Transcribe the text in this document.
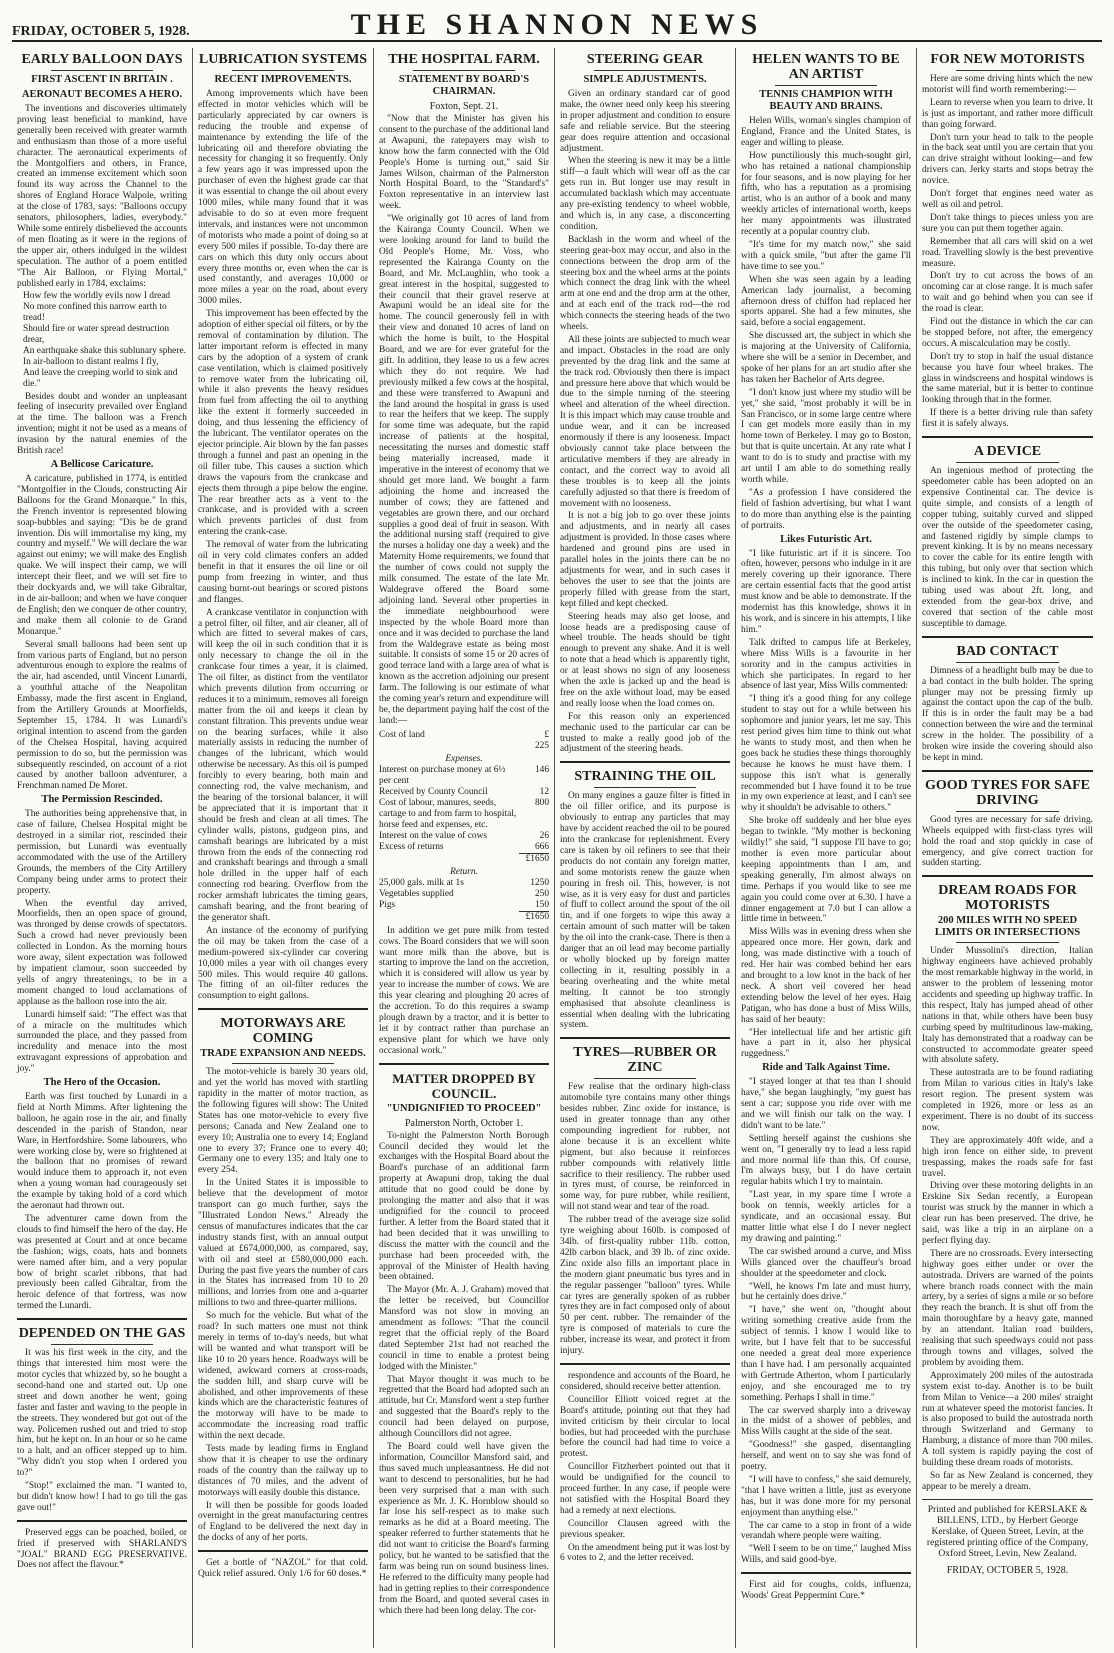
FRIDAY, OCTOBER 5, 1928.	THE SHANNON NEWS
EARLY BALLOON DAYS
FIRST ASCENT IN BRITAIN .
AERONAUT BECOMES A HERO.

The inventions and discoveries ultimately proving least beneficial to mankind, have generally been received with greater warmth and enthusiasm than those of a more useful character. The aeronautical experiments of the Montgolfiers and others, in France, created an immense excitement which soon found its way across the Channel to the shores of England Horace Walpole, writing at the close of 1783, says: "Balloons occupy senators, philosophers, ladies, everybody." While some entirely disbelieved the accounts of men floating as it were in the regions of the upper air, others indulged in the wildest speculation. The author of a poem entitled "The Air Balloon, or Flying Mortal," published early in 1784, exclaims:

How few the worldly evils now I dread
No more confined this narrow earth to tread!
Should fire or water spread destruction drear,
An earthquake shake this sublunary sphere.
In air-balloon to distant realms I fly,
And leave the creeping world to sink and die."

Besides doubt and wonder an unpleasant feeling of insecurity prevailed over England at the time. The balloon was a French invention; might it not be used as a means of invasion by the natural enemies of the British race!

A Bellicose Caricature.

A caricature, published in 1774, is entitled "Montgolfier in the Clouds, constructing Air Balloons for the Grand Monarque." In this, the French inventor is represented blowing soap-bubbles and saying: "Dis be de grand invention. Dis will immortalise my king, my country and myself." We will declare the war against out enimy; we will make des English quake. We will inspect their camp, we will intercept their fleet, and we will set fire to their dockyards and, we will take Gibraltar, in de air-balloon; and when we have conquer de English; den we conquer de other country, and make them all colonie to de Grand Monarque."

Several small balloons had been sent up from various parts of England, but no person adventurous enough to explore the realms of the air, had ascended, until Vincent Lunardi, a youthful attache of the Neapolitan Embassy, made the first ascent in England, from the Artillery Grounds at Moorfields, September 15, 1784. It was Lunardi's original intention to ascend from the garden of the Chelsea Hospital, having acquired permission to do so, but the permission was subsequently rescinded, on account of a riot caused by another balloon adventurer, a Frenchman named De Moret.

The Permission Rescinded.

The authorities being apprehensive that, in case of failure, Chelsea Hospital might be destroyed in a similar riot, rescinded their permission, but Lunardi was eventually accommodated with the use of the Artillery Grounds, the members of the City Artillery Company being under arms to protect their property.

When the eventful day arrived, Moorfields, then an open space of ground, was thronged by dense crowds of spectators. Such a crowd had never previously been collected in London. As the morning hours wore away, silent expectation was followed by impatient clamour, soon succeeded by yells of angry threatenings, to be in a moment changed to loud acclamations of applause as the balloon rose into the air.

Lunardi himself said: "The effect was that of a miracle on the multitudes which surrounded the place, and they passed from incredulity and menace into the most extravagant expressions of approbation and joy."

The Hero of the Occasion.

Earth was first touched by Lunardi in a field at North Mimms. After lightening the balloon, he again rose in the air, and finally descended in the parish of Standon, near Ware, in Hertfordshire. Some labourers, who were working close by, were so frightened at the balloon that no promises of reward would induce them to approach it, not even when a young woman had courageously set the example by taking hold of a cord which the aeronaut had thrown out.

The adventurer came down from the clouds to find himself the hero of the day. He was presented at Court and at once became the fashion; wigs, coats, hats and bonnets were named after him, and a very popular bow of bright scarlet ribbons, that had previously been called Gibraltar, from the heroic defence of that fortress, was now termed the Lunardi.

DEPENDED ON THE GAS

It was his first week in the city, and the things that interested him most were the motor cycles that whizzed by, so he bought a second-hand one and started out. Up one street and down another he went, going faster and faster and waving to the people in the streets. They wondered but got out of the way. Policemen rushed out and tried to stop him, but he kept on. In an hour or so he came to a halt, and an officer stepped up to him. "Why didn't you stop when I ordered you to?"

"Stop!" exclaimed the man. "I wanted to, but didn't know how! I had to go till the gas gave out!"

Preserved eggs can be poached, boiled, or fried if preserved with SHARLAND'S "JOAL" BRAND EGG PRESERVATIVE. Does not affect the flavour.*

LUBRICATION SYSTEMS
RECENT IMPROVEMENTS.

Among improvements which have been effected in motor vehicles which will be particularly appreciated by car owners is reducing the trouble and expense of maintenance by extending the life of the lubricating oil and therefore obviating the necessity for changing it so frequently. Only a few years ago it was impressed upon the purchaser of even the highest grade car that it was essential to change the oil about every 1000 miles, while many found that it was advisable to do so at even more frequent intervals, and instances were not uncommon of motorists who made a point of doing so at every 500 miles if possible. To-day there are cars on which this duty only occurs about every three months or, even when the car is used constantly, and averages 10,000 or more miles a year on the road, about every 3000 miles.

This improvement has been effected by the adoption of either special oil filters, or by the removal of contamination by dilution. The latter important reform is effected in many cars by the adoption of a system of crank case ventilation, which is claimed positively to remove water from the lubricating oil, while it also prevents the heavy residues from fuel from affecting the oil to anything like the extent it formerly succeeded in doing, and thus lessening the efficiency of the lubricant. The ventilator operates on the ejector principle. Air blown by the fan passes through a funnel and past an opening in the oil filler tube. This causes a suction which draws the vapours from the crankcase and ejects them through a pipe below the engine. The rear breather acts as a vent to the crankcase, and is provided with a screen which prevents particles of dust from entering the crank-case.

The removal of water from the lubricating oil in very cold climates confers an added benefit in that it ensures the oil line or oil pump from freezing in winter, and thus causing burnt-out bearings or scored pistons and flanges.

A crankcase ventilator in conjunction with a petrol filter, oil filter, and air cleaner, all of which are fitted to several makes of cars, will keep the oil in such condition that it is only necessary to change the oil in the crankcase four times a year, it is claimed. The oil filter, as distinct from the ventilator which prevents dilution from occurring or reduces it to a minimum, removes all foreign matter from the oil and keeps it clean by constant filtration. This prevents undue wear on the bearing surfaces, while it also materially assists in reducing the number of changes of the lubricant, which would otherwise be necessary. As this oil is pumped forcibly to every bearing, both main and connecting rod, the valve mechanism, and the bearing of the torsional balancer, it will be appreciated that it is important that it should be fresh and clean at all times. The cylinder walls, pistons, gudgeon pins, and camshaft bearings are lubricated by a mist thrown from the ends of the connecting rod and crankshaft bearings and through a small hole drilled in the upper half of each connecting rod bearing. Overflow from the rocker armshaft lubricates the timing gears, camshaft bearing, and the front bearing of the generator shaft.

An instance of the economy of purifying the oil may be taken from the case of a medium-powered six-cylinder car covering 10,000 miles a year with oil changes every 500 miles. This would require 40 gallons. The fitting of an oil-filter reduces the consumption to eight gallons.

MOTORWAYS ARE COMING
TRADE EXPANSION AND NEEDS.

The motor-vehicle is barely 30 years old, and yet the world has moved with startling rapidity in the matter of motor traction, as the following figures will show: The United States has one motor-vehicle to every five persons; Canada and New Zealand one to every 10; Australia one to every 14; England one to every 37; France one to every 40; Germany one to every 135; and Italy one to every 254.

In the United States it is impossible to believe that the development of motor transport can go much further, says the "Illustrated London News." Already the census of manufactures indicates that the car industry stands first, with an annual output valued at £674,000,000, as compared, say, with oil and steel at £580,000,000 each. During the past five years the number of cars in the States has increased from 10 to 20 millions, and lorries from one and a-quarter millions to two and three-quarter millions.

So much for the vehicle. But what of the road? In such matters one must not think merely in terms of to-day's needs, but what will be wanted and what transport will be like 10 to 20 years hence. Roadways will be widened, awkward corners at cross-roads, the sudden hill, and sharp curve will be abolished, and other improvements of these kinds which are the characteristic features of the motorway will have to be made to accommodate the increasing road traffic within the next decade.

Tests made by leading firms in England show that it is cheaper to use the ordinary roads of the country than the railway up to distances of 70 miles, and the advent of motorways will easily double this distance.

It will then be possible for goods loaded overnight in the great manufacturing centres of England to be delivered the next day in the docks of any of her ports.

Get a bottle of "NAZOL" for that cold. Quick relief assured. Only 1/6 for 60 doses.*

THE HOSPITAL FARM.
STATEMENT BY BOARD'S CHAIRMAN.
Foxton, Sept. 21.

"Now that the Minister has given his consent to the purchase of the additional land at Awapuni, the ratepayers may wish to know how the farm connected with the Old People's Home is turning out," said Sir James Wilson, chairman of the Palmerston North Hospital Board, to the "Standard's" Foxton representative in an interview last week.

"We originally got 10 acres of land from the Kairanga County Council. When we were looking around for land to build the Old People's Home, Mr. Voss, who represented the Kairanga County on the Board, and Mr. McLaughlin, who took a great interest in the hospital, suggested to their council that their gravel reserve at Awapuni would be an ideal site for the home. The council generously fell in with their view and donated 10 acres of land on which the home is built, to the Hospital Board, and we are for ever grateful for the gift. In addition, they lease to us a few acres which they do not require. We had previously milked a few cows at the hospital, and these were transferred to Awapuni and the land around the hospital in grass is used to rear the heifers that we keep. The supply for some time was adequate, but the rapid increase of patients at the hospital, necessitating the nurses and domestic staff being materially increased, made it imperative in the interest of economy that we should get more land. We bought a farm adjoining the home and increased the number of cows; they are fattened and vegetables are grown there, and our orchard supplies a good deal of fruit in season. With the additional nursing staff (required to give the nurses a holiday one day a week) and the Maternity Home requirements, we found that the number of cows could not supply the milk consumed. The estate of the late Mr. Waldegrave offered the Board some adjoining land. Several other properties in the immediate neighbourhood were inspected by the whole Board more than once and it was decided to purchase the land from the Waldegrave estate as being most suitable. It consists of some 15 or 20 acres of good terrace land with a large area of what is known as the accretion adjoining our present farm. The following is our estimate of what the coming year's return and expenditure will be, the department paying half the cost of the land:—

Cost of land	£
225
Expenses.	
Interest on purchase money at 6½ per cent	146
Received by County Council	12
Cost of labour, manures, seeds, cartage to and from farm to hospital, horse feed and expenses, etc.	800
Interest on the value of cows	26
Excess of returns	666
	£1650
Return.	
25,000 gals. milk at 1s	1250
Vegetables supplied	250
Pigs	150
	£1650

In addition we get pure milk from tested cows. The Board considers that we will soon want more milk than the above, but is starting to improve the land on the accretion, which it is considered will allow us year by year to increase the number of cows. We are this year clearing and ploughing 20 acres of the accretion. To do this requires a swamp plough drawn by a tractor, and it is better to let it by contract rather than purchase an expensive plant for which we have only occasional work."

MATTER DROPPED BY COUNCIL.
"UNDIGNIFIED TO PROCEED"
Palmerston North, October 1.

To-night the Palmerston North Borough Council decided they would let the exchanges with the Hospital Board about the Board's purchase of an additional farm property at Awapuni drop, taking the dual attitude that no good could be done by prolonging the matter and also that it was undignified for the council to proceed further. A letter from the Board stated that it had been decided that it was unwilling to discuss the matter with the council and the purchase had been proceeded with, the approval of the Minister of Health having been obtained.

The Mayor (Mr. A. J. Graham) moved that the letter be received, but Councillor Mansford was not slow in moving an amendment as follows: "That the council regret that the official reply of the Board dated September 21st had not reached the council in time to enable a protest being lodged with the Minister."

That Mayor thought it was much to be regretted that the Board had adopted such an attitude, but Cr. Mansford went a step further and suggested that the Board's reply to the council had been delayed on purpose, although Councillors did not agree.

The Board could well have given the information, Councillor Mansford said, and thus saved much unpleasantness. He did not want to descend to personalities, but he had been very surprised that a man with such experience as Mr. J. K. Hornblow should so far lose his self-respect as to make such remarks as he did at a Board meeting. The speaker referred to further statements that he did not want to criticise the Board's farming policy, but he wanted to be satisfied that the farm was being run on sound business lines. He referred to the difficulty many people had had in getting replies to their correspondence from the Board, and quoted several cases in which there had been long delay. The cor-

STEERING GEAR
SIMPLE ADJUSTMENTS.

Given an ordinary standard car of good make, the owner need only keep his steering in proper adjustment and condition to ensure safe and reliable service. But the steering gear does require attention and occasional adjustment.

When the steering is new it may be a little stiff—a fault which will wear off as the car gets run in. But longer use may result in accumulated backlash which may accentuate any pre-existing tendency to wheel wobble, and which is, in any case, a disconcerting condition.

Backlash in the worm and wheel of the steering gear-box may occur, and also in the connections between the drop arm of the steering box and the wheel arms at the points which connect the drag link with the wheel arm at one end and the drop arm at the other, and at each end of the track rod—the rod which connects the steering heads of the two wheels.

All these joints are subjected to much wear and impact. Obstacles in the road are only prevented by the drag link and the same at the track rod. Obviously then there is impact and pressure here above that which would be due to the simple turning of the steering wheel and alteration of the wheel direction. It is this impact which may cause trouble and undue wear, and it can be increased enormously if there is any looseness. Impact obviously cannot take place between the articulative members if they are already in contact, and the correct way to avoid all these troubles is to keep all the joints carefully adjusted so that there is freedom of movement with no looseness.

It is not a big job to go over these joints and adjustments, and in nearly all cases adjustment is provided. In those cases where hardened and ground pins are used in parallel holes in the joints there can be no adjustments for wear, and in such cases it behoves the user to see that the joints are properly filled with grease from the start, kept filled and kept checked.

Steering heads may also get loose, and loose heads are a predisposing cause of wheel trouble. The heads should be tight enough to prevent any shake. And it is well to note that a head which is apparently tight, or at least shows no sign of any looseness when the axle is jacked up and the head is free on the axle without load, may be eased and really loose when the load comes on.

For this reason only an experienced mechanic used to the particular car can be trusted to make a really good job of the adjustment of the steering heads.

STRAINING THE OIL

On many engines a gauze filter is fitted in the oil filler orifice, and its purpose is obviously to entrap any particles that may have by accident reached the oil to be poured into the crankcase for replenishment. Every care is taken by oil refiners to see that their products do not contain any foreign matter, and some motorists renew the gauze when pouring in fresh oil. This, however, is not wise, as it is very easy for dust and particles of fluff to collect around the spout of the oil tin, and if one forgets to wipe this away a certain amount of such matter will be taken by the oil into the crank-case. There is then a danger that an oil lead may become partially or wholly blocked up by foreign matter collecting in it, resulting possibly in a bearing overheating and the white metal melting. It cannot be too strongly emphasised that absolute cleanliness is essential when dealing with the lubricating system.

TYRES—RUBBER OR ZINC

Few realise that the ordinary high-class automobile tyre contains many other things besides rubber. Zinc oxide for instance, is used in greater tonnage than any other compounding ingredient for rubber, not alone because it is an excellent white pigment, but also because it reinforces rubber compounds with relatively little sacrifice to their resiliency. The rubber used in tyres must, of course, be reinforced in some way, for pure rubber, while resilient, will not stand wear and tear of the road.

The rubber tread of the average size solid tyre weighing about 160lb. is composed of 34lb. of first-quality rubber 11lb. cotton, 42lb carbon black, and 39 lb. of zinc oxide. Zinc oxide also fills an important place in the modern giant pneumatic bus tyres and in the regular passenger "balloon" tyres. While car tyres are generally spoken of as rubber tyres they are in fact composed only of about 50 per cent. rubber. The remainder of the tyre is composed of materials to cure the rubber, increase its wear, and protect it from injury.

respondence and accounts of the Board, he considered, should receive better attention.

Councillor Elliott voiced regret at the Board's attitude, pointing out that they had invited criticism by their circular to local bodies, but had proceeded with the purchase before the council had had time to voice a protest.

Councillor Fitzherbert pointed out that it would be undignified for the council to proceed further. In any case, if people were not satisfied with the Hospital Board they had a remedy at next elections.

Councillor Clausen agreed with the previous speaker.

On the amendment being put it was lost by 6 votes to 2, and the letter received.

HELEN WANTS TO BE AN ARTIST
TENNIS CHAMPION WITH BEAUTY AND BRAINS.

Helen Wills, woman's singles champion of England, France and the United States, is eager and willing to please.

How punctiliously this much-sought girl, who has retained a national championship for four seasons, and is now playing for her fifth, who has a reputation as a promising artist, who is an author of a book and many weekly articles of international worth, keeps her many appointments was illustrated recently at a popular country club.

"It's time for my match now," she said with a quick smile, "but after the game I'll have time to see you."

When she was seen again by a leading American lady journalist, a becoming afternoon dress of chiffon had replaced her sports apparel. She had a few minutes, she said, before a social engagement.

She discussed art, the subject in which she is majoring at the University of California, where she will be a senior in December, and spoke of her plans for an art studio after she has taken her Bachelor of Arts degree.

"I don't know just where my studio will be yet," she said, "most probably it will be in San Francisco, or in some large centre where I can get models more easily than in my home town of Berkeley. I may go to Boston, but that is quite uncertain. At any rate what I want to do is to study and practise with my art until I am able to do something really worth while.

"As a profession I have considered the field of fashion advertising, but what I want to do more than anything else is the painting of portraits.

Likes Futuristic Art.

"I like futuristic art if it is sincere. Too often, however, persons who indulge in it are merely covering up their ignorance. There are certain essential facts that the good artist must know and be able to demonstrate. If the modernist has this knowledge, shows it in his work, and is sincere in his attempts, I like him."

Talk drifted to campus life at Berkeley, where Miss Wills is a favourite in her sorority and in the campus activities in which she participates. In regard to her absence of last year, Miss Wills commented:

"I thing it's a good thing for any college student to stay out for a while between his sophomore and junior years, let me say. This rest period gives him time to think out what he wants to study most, and then when he goes back he studies these things thoroughly because he knows he must have them. I suppose this isn't what is generally recommended but I have found it to be true in my own experience at least, and I can't see why it shouldn't be advisable to others."

She broke off suddenly and her blue eyes began to twinkle. "My mother is beckoning wildly!" she said, "I suppose I'll have to go; mother is even more particular about keeping appointments than I am, and speaking generally, I'm almost always on time. Perhaps if you would like to see me again you could come over at 6.30. I have a dinner engagement at 7.0 but I can allow a little time in between."

Miss Wills was in evening dress when she appeared once more. Her gown, dark and long, was made distinctive with a touch of red. Her hair was combed behind her ears and brought to a low knot in the back of her neck. A short veil covered her head extending below the level of her eyes. Haig Patigan, who has done a bust of Miss Wills, has said of her beauty:

"Her intellectual life and her artistic gift have a part in it, also her physical ruggedness."

Ride and Talk Against Time.

"I stayed longer at that tea than I should have," she began laughingly, "my guest has sent a car; suppose you ride over with me and we will finish our talk on the way. I didn't want to be late."

Settling herself against the cushions she went on, "I generally try to lead a less rapid and more normal life than this. Of course, I'm always busy, but I do have certain regular habits which I try to maintain.

"Last year, in my spare time I wrote a book on tennis, weekly articles for a syndicate, and an occasional essay. But matter little what else I do I never neglect my drawing and painting."

The car swished around a curve, and Miss Wills glanced over the chauffeur's broad shoulder at the speedometer and clock.

"Well, he knows I'm late and must hurry, but he certainly does drive."

"I have," she went on, "thought about writing something creative aside from the subject of tennis. I know I would like to write, but I have felt that to be successful one needed a great deal more experience than I have had. I am personally acquainted with Gertrude Atherton, whom I particularly enjoy, and she encouraged me to try something. Perhaps I shall in time."

The car swerved sharply into a driveway in the midst of a shower of pebbles, and Miss Wills caught at the side of the seat.

"Goodness!" she gasped, disentangling herself, and went on to say she was fond of poetry.

"I will have to confess," she said demurely, "that I have written a little, just as everyone has, but it was done more for my personal enjoyment than anything else."

The car came to a stop in front of a wide verandah where people were waiting.

"Well I seem to be on time," laughed Miss Wills, and said good-bye.

First aid for coughs, colds, influenza, Woods' Great Peppermint Cure.*

FOR NEW MOTORISTS

Here are some driving hints which the new motorist will find worth remembering:—

Learn to reverse when you learn to drive. It is just as important, and rather more difficult than going forward.

Don't turn your head to talk to the people in the back seat until you are certain that you can drive straight without looking—and few drivers can. Jerky starts and stops betray the novice.

Don't forget that engines need water as well as oil and petrol.

Don't take things to pieces unless you are sure you can put them together again.

Remember that all cars will skid on a wet road. Travelling slowly is the best preventive measure.

Don't try to cut across the bows of an oncoming car at close range. It is much safer to wait and go behind when you can see if the road is clear.

Find out the distance in which the car can be stopped before, not after, the emergency occurs. A miscalculation may be costly.

Don't try to stop in half the usual distance because you have four wheel brakes. The glass in windscreens and hospital windows is the same material, but it is better to continue looking through that in the former.

If there is a better driving rule than safety first it is safely always.

A DEVICE

An ingenious method of protecting the speedometer cable has been adopted on an expensive Continental car. The device is quite simple, and consists of a length of copper tubing, suitably curved and slipped over the outside of the speedometer casing, and fastened rigidly by simple clamps to prevent kinking. It is by no means necessary to cover the cable for its entire length with this tubing, but only over that section which is inclined to kink. In the car in question the tubing used was about 2ft. long, and extended from the gear-box drive, and covered that section of the cable most susceptible to damage.

BAD CONTACT

Dimness of a headlight bulb may be due to a bad contact in the bulb holder. The spring plunger may not be pressing firmly up against the contact upon the cap of the bulb. If this is in order the fault may be a bad connection between the wire and the terminal screw in the holder. The possibility of a broken wire inside the covering should also be kept in mind.

GOOD TYRES FOR SAFE DRIVING

Good tyres are necessary for safe driving. Wheels equipped with first-class tyres will hold the road and stop quickly in case of emergency, and give correct traction for sudden starting.

DREAM ROADS FOR MOTORISTS
200 MILES WITH NO SPEED LIMITS OR INTERSECTIONS

Under Mussolini's direction, Italian highway engineers have achieved probably the most remarkable highway in the world, in answer to the problem of lessening motor accidents and speeding up highway traffic. In this respect, Italy has jumped ahead of other nations in that, while others have been busy curbing speed by multitudinous law-making, Italy has demonstrated that a roadway can be constructed to accommodate greater speed with absolute safety.

These autostrada are to be found radiating from Milan to various cities in Italy's lake resort region. The present system was completed in 1926, more or less as an experiment. There is no doubt of its success now.

They are approximately 40ft wide, and a high iron fence on either side, to prevent trespassing, makes the roads safe for fast travel.

Driving over these motoring delights in an Erskine Six Sedan recently, a European tourist was struck by the manner in which a clear run has been preserved. The drive, he said, was like a trip in an airplane on a perfect flying day.

There are no crossroads. Every intersecting highway goes either under or over the autostrada. Drivers are warned of the points where branch roads connect with the main artery, by a series of signs a mile or so before they reach the branch. It is shut off from the main thoroughfare by a heavy gate, manned by an attendant. Italian road builders, realising that such speedways could not pass through towns and villages, solved the problem by avoiding them.

Approximately 200 miles of the autostrada system exist to-day. Another is to be built from Milan to Venice—a 200 miles' straight run at whatever speed the motorist fancies. It is also proposed to build the autostrada north through Switzerland and Germany to Hamburg, a distance of more than 700 miles. A toll system is rapidly paying the cost of building these dream roads of motorists.

So far as New Zealand is concerned, they appear to be merely a dream.

Printed and published for KERSLAKE & BILLENS, LTD., by Herbert George Kerslake, of Queen Street, Levin, at the registered printing office of the Company, Oxford Street, Levin, New Zealand.
FRIDAY, OCTOBER 5, 1928.
